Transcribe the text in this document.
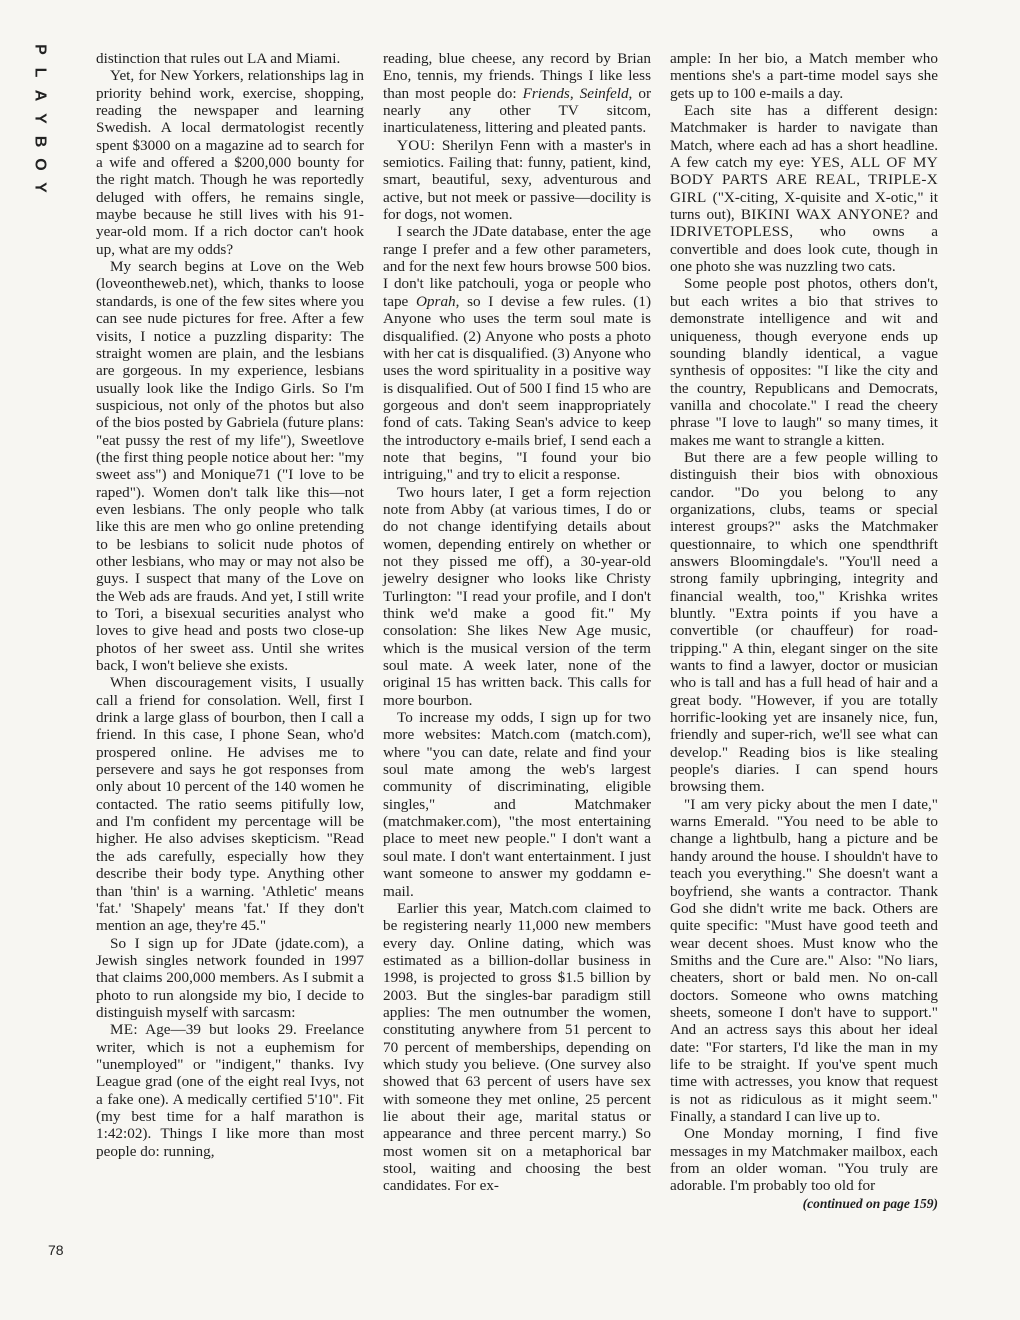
P
L
A
Y
B
O
Y
78

distinction that rules out LA and Miami.

Yet, for New Yorkers, relationships lag in priority behind work, exercise, shopping, reading the newspaper and learning Swedish. A local dermatologist recently spent $3000 on a magazine ad to search for a wife and offered a $200,000 bounty for the right match. Though he was reportedly deluged with offers, he remains single, maybe because he still lives with his 91-year-old mom. If a rich doctor can't hook up, what are my odds?

My search begins at Love on the Web (loveontheweb.net), which, thanks to loose standards, is one of the few sites where you can see nude pictures for free. After a few visits, I notice a puzzling disparity: The straight women are plain, and the lesbians are gorgeous. In my experience, lesbians usually look like the Indigo Girls. So I'm suspicious, not only of the photos but also of the bios posted by Gabriela (future plans: "eat pussy the rest of my life"), Sweetlove (the first thing people notice about her: "my sweet ass") and Monique71 ("I love to be raped"). Women don't talk like this—not even lesbians. The only people who talk like this are men who go online pretending to be lesbians to solicit nude photos of other lesbians, who may or may not also be guys. I suspect that many of the Love on the Web ads are frauds. And yet, I still write to Tori, a bisexual securities analyst who loves to give head and posts two close-up photos of her sweet ass. Until she writes back, I won't believe she exists.

When discouragement visits, I usually call a friend for consolation. Well, first I drink a large glass of bourbon, then I call a friend. In this case, I phone Sean, who'd prospered online. He advises me to persevere and says he got responses from only about 10 percent of the 140 women he contacted. The ratio seems pitifully low, and I'm confident my percentage will be higher. He also advises skepticism. "Read the ads carefully, especially how they describe their body type. Anything other than 'thin' is a warning. 'Athletic' means 'fat.' 'Shapely' means 'fat.' If they don't mention an age, they're 45."

So I sign up for JDate (jdate.com), a Jewish singles network founded in 1997 that claims 200,000 members. As I submit a photo to run alongside my bio, I decide to distinguish myself with sarcasm:

ME: Age—39 but looks 29. Freelance writer, which is not a euphemism for "unemployed" or "indigent," thanks. Ivy League grad (one of the eight real Ivys, not a fake one). A medically certified 5'10". Fit (my best time for a half marathon is 1:42:02). Things I like more than most people do: running,

reading, blue cheese, any record by Brian Eno, tennis, my friends. Things I like less than most people do: Friends, Seinfeld, or nearly any other TV sitcom, inarticulateness, littering and pleated pants.

YOU: Sherilyn Fenn with a master's in semiotics. Failing that: funny, patient, kind, smart, beautiful, sexy, adventurous and active, but not meek or passive—docility is for dogs, not women.

I search the JDate database, enter the age range I prefer and a few other parameters, and for the next few hours browse 500 bios. I don't like patchouli, yoga or people who tape Oprah, so I devise a few rules. (1) Anyone who uses the term soul mate is disqualified. (2) Anyone who posts a photo with her cat is disqualified. (3) Anyone who uses the word spirituality in a positive way is disqualified. Out of 500 I find 15 who are gorgeous and don't seem inappropriately fond of cats. Taking Sean's advice to keep the introductory e-mails brief, I send each a note that begins, "I found your bio intriguing," and try to elicit a response.

Two hours later, I get a form rejection note from Abby (at various times, I do or do not change identifying details about women, depending entirely on whether or not they pissed me off), a 30-year-old jewelry designer who looks like Christy Turlington: "I read your profile, and I don't think we'd make a good fit." My consolation: She likes New Age music, which is the musical version of the term soul mate. A week later, none of the original 15 has written back. This calls for more bourbon.

To increase my odds, I sign up for two more websites: Match.com (match.com), where "you can date, relate and find your soul mate among the web's largest community of discriminating, eligible singles," and Matchmaker (matchmaker.com), "the most entertaining place to meet new people." I don't want a soul mate. I don't want entertainment. I just want someone to answer my goddamn e-mail.

Earlier this year, Match.com claimed to be registering nearly 11,000 new members every day. Online dating, which was estimated as a billion-dollar business in 1998, is projected to gross $1.5 billion by 2003. But the singles-bar paradigm still applies: The men outnumber the women, constituting anywhere from 51 percent to 70 percent of memberships, depending on which study you believe. (One survey also showed that 63 percent of users have sex with someone they met online, 25 percent lie about their age, marital status or appearance and three percent marry.) So most women sit on a metaphorical bar stool, waiting and choosing the best candidates. For ex-

ample: In her bio, a Match member who mentions she's a part-time model says she gets up to 100 e-mails a day.

Each site has a different design: Matchmaker is harder to navigate than Match, where each ad has a short headline. A few catch my eye: YES, ALL OF MY BODY PARTS ARE REAL, TRIPLE-X GIRL ("X-citing, X-quisite and X-otic," it turns out), BIKINI WAX ANYONE? and IDRIVETOPLESS, who owns a convertible and does look cute, though in one photo she was nuzzling two cats.

Some people post photos, others don't, but each writes a bio that strives to demonstrate intelligence and wit and uniqueness, though everyone ends up sounding blandly identical, a vague synthesis of opposites: "I like the city and the country, Republicans and Democrats, vanilla and chocolate." I read the cheery phrase "I love to laugh" so many times, it makes me want to strangle a kitten.

But there are a few people willing to distinguish their bios with obnoxious candor. "Do you belong to any organizations, clubs, teams or special interest groups?" asks the Matchmaker questionnaire, to which one spendthrift answers Bloomingdale's. "You'll need a strong family upbringing, integrity and financial wealth, too," Krishka writes bluntly. "Extra points if you have a convertible (or chauffeur) for road-tripping." A thin, elegant singer on the site wants to find a lawyer, doctor or musician who is tall and has a full head of hair and a great body. "However, if you are totally horrific-looking yet are insanely nice, fun, friendly and super-rich, we'll see what can develop." Reading bios is like stealing people's diaries. I can spend hours browsing them.

"I am very picky about the men I date," warns Emerald. "You need to be able to change a lightbulb, hang a picture and be handy around the house. I shouldn't have to teach you everything." She doesn't want a boyfriend, she wants a contractor. Thank God she didn't write me back. Others are quite specific: "Must have good teeth and wear decent shoes. Must know who the Smiths and the Cure are." Also: "No liars, cheaters, short or bald men. No on-call doctors. Someone who owns matching sheets, someone I don't have to support." And an actress says this about her ideal date: "For starters, I'd like the man in my life to be straight. If you've spent much time with actresses, you know that request is not as ridiculous as it might seem." Finally, a standard I can live up to.

One Monday morning, I find five messages in my Matchmaker mailbox, each from an older woman. "You truly are adorable. I'm probably too old for

(continued on page 159)
